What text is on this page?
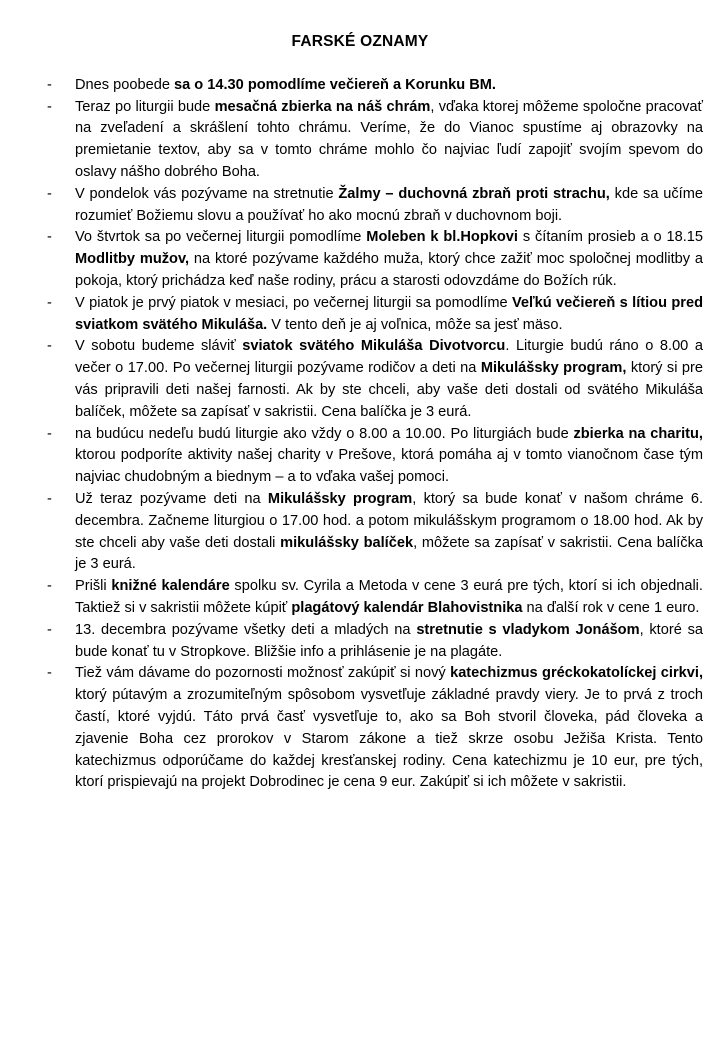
FARSKÉ OZNAMY
- Dnes poobede sa o 14.30 pomodlíme večiereň a Korunku BM.
- Teraz po liturgii bude mesačná zbierka na náš chrám, vďaka ktorej môžeme spoločne pracovať na zveľadení a skrášlení tohto chrámu. Veríme, že do Vianoc spustíme aj obrazovky na premietanie textov, aby sa v tomto chráme mohlo čo najviac ľudí zapojiť svojím spevom do oslavy nášho dobrého Boha.
- V pondelok vás pozývame na stretnutie Žalmy – duchovná zbraň proti strachu, kde sa učíme rozumieť Božiemu slovu a používať ho ako mocnú zbraň v duchovnom boji.
- Vo štvrtok sa po večernej liturgii pomodlíme Moleben k bl.Hopkovi s čítaním prosieb a o 18.15 Modlitby mužov, na ktoré pozývame každého muža, ktorý chce zažiť moc spoločnej modlitby a pokoja, ktorý prichádza keď naše rodiny, prácu a starosti odovzdáme do Božích rúk.
- V piatok je prvý piatok v mesiaci, po večernej liturgii sa pomodlíme Veľkú večiereň s lítiou pred sviatkom svätého Mikuláša. V tento deň je aj voľnica, môže sa jesť mäso.
- V sobotu budeme sláviť sviatok svätého Mikuláša Divotvorcu. Liturgie budú ráno o 8.00 a večer o 17.00. Po večernej liturgii pozývame rodičov a deti na Mikulášsky program, ktorý si pre vás pripravili deti našej farnosti. Ak by ste chceli, aby vaše deti dostali od svätého Mikuláša balíček, môžete sa zapísať v sakristii. Cena balíčka je 3 eurá.
- na budúcu nedeľu budú liturgie ako vždy o 8.00 a 10.00. Po liturgiách bude zbierka na charitu, ktorou podporíte aktivity našej charity v Prešove, ktorá pomáha aj v tomto vianočnom čase tým najviac chudobným a biednym – a to vďaka vašej pomoci.
- Už teraz pozývame deti na Mikulášsky program, ktorý sa bude konať v našom chráme 6. decembra. Začneme liturgiou o 17.00 hod. a potom mikulášskym programom o 18.00 hod. Ak by ste chceli aby vaše deti dostali mikulášsky balíček, môžete sa zapísať v sakristii. Cena balíčka je 3 eurá.
- Prišli knižné kalendáre spolku sv. Cyrila a Metoda v cene 3 eurá pre tých, ktorí si ich objednali. Taktiež si v sakristii môžete kúpiť plagátový kalendár Blahovistnika na ďalší rok v cene 1 euro.
- 13. decembra pozývame všetky deti a mladých na stretnutie s vladykom Jonášom, ktoré sa bude konať tu v Stropkove. Bližšie info a prihlásenie je na plagáte.
- Tiež vám dávame do pozornosti možnosť zakúpiť si nový katechizmus gréckokatolíckej cirkvi, ktorý pútavým a zrozumiteľným spôsobom vysvetľuje základné pravdy viery. Je to prvá z troch častí, ktoré vyjdú. Táto prvá časť vysvetľuje to, ako sa Boh stvoril človeka, pád človeka a zjavenie Boha cez prorokov v Starom zákone a tiež skrze osobu Ježiša Krista. Tento katechizmus odporúčame do každej kresťanskej rodiny. Cena katechizmu je 10 eur, pre tých, ktorí prispievajú na projekt Dobrodinec je cena 9 eur. Zakúpiť si ich môžete v sakristii.
